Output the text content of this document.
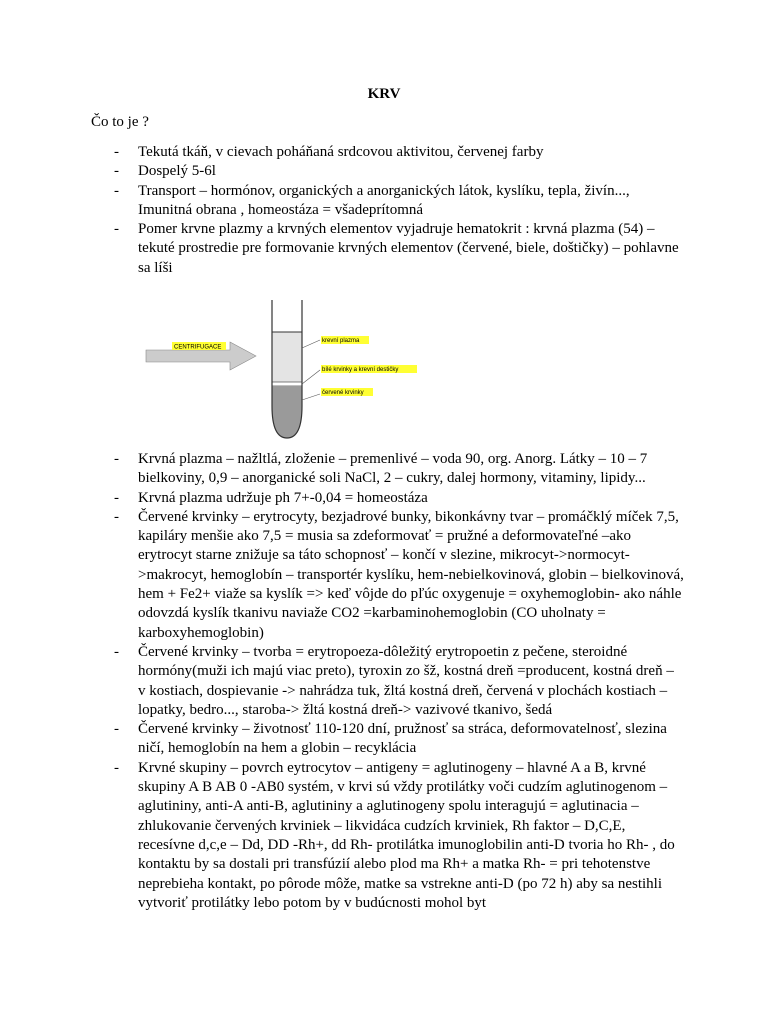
KRV
Čo to je ?
- Tekutá tkáň, v cievach poháňaná srdcovou aktivitou, červenej farby
- Dospelý 5-6l
- Transport – hormónov, organických a anorganických látok, kyslíku, tepla, živín..., Imunitná obrana , homeostáza = všadeprítomná
- Pomer krvne plazmy a krvných elementov vyjadruje hematokrit : krvná plazma (54) – tekuté prostredie pre formovanie krvných elementov (červené, biele, doštičky) – pohlavne sa líši
CENTRIFUGACE
krevní plazma
bílé krvinky a krevní destičky
červené krvinky
- Krvná plazma – nažltlá, zloženie – premenlivé – voda 90, org. Anorg. Látky – 10 – 7 bielkoviny, 0,9 – anorganické soli NaCl, 2 – cukry, dalej hormony, vitaminy, lipidy...
- Krvná plazma udržuje ph 7+-0,04 = homeostáza
- Červené krvinky – erytrocyty, bezjadrové bunky, bikonkávny tvar – promáčklý míček 7,5, kapiláry menšie ako 7,5 = musia sa zdeformovať = pružné a deformovateľné –ako erytrocyt starne znižuje sa táto schopnosť – končí v slezine, mikrocyt->normocyt->makrocyt, hemoglobín – transportér kyslíku, hem-nebielkovinová, globin – bielkovinová, hem + Fe2+ viaže sa kyslík => keď vôjde do pľúc oxygenuje = oxyhemoglobin- ako náhle odovzdá kyslík tkanivu naviaže CO2 =karbaminohemoglobin (CO uholnaty = karboxyhemoglobin)
- Červené krvinky – tvorba = erytropoeza-dôležitý erytropoetin z pečene, steroidné hormóny(muži ich majú viac preto), tyroxin zo šž, kostná dreň =producent, kostná dreň – v kostiach, dospievanie -> nahrádza tuk, žltá kostná dreň, červená v plochách kostiach – lopatky, bedro..., staroba-> žltá kostná dreň-> vazivové tkanivo, šedá
- Červené krvinky – životnosť 110-120 dní, pružnosť sa stráca, deformovatelnosť, slezina ničí, hemoglobín na hem a globin – recyklácia
- Krvné skupiny – povrch eytrocytov – antigeny = aglutinogeny – hlavné A a B, krvné skupiny A B AB 0 -AB0 systém, v krvi sú vždy protilátky voči cudzím aglutinogenom – aglutininy, anti-A anti-B, aglutininy a aglutinogeny spolu interagujú = aglutinacia – zhlukovanie červených krviniek – likvidáca cudzích krviniek, Rh faktor – D,C,E, recesívne d,c,e – Dd, DD -Rh+, dd Rh- protilátka imunoglobilin anti-D tvoria ho Rh- , do kontaktu by sa dostali pri transfúzií alebo plod ma Rh+ a matka Rh- = pri tehotenstve neprebieha kontakt, po pôrode môže, matke sa vstrekne anti-D (po 72 h) aby sa nestihli vytvoriť protilátky lebo potom by v budúcnosti mohol byt
